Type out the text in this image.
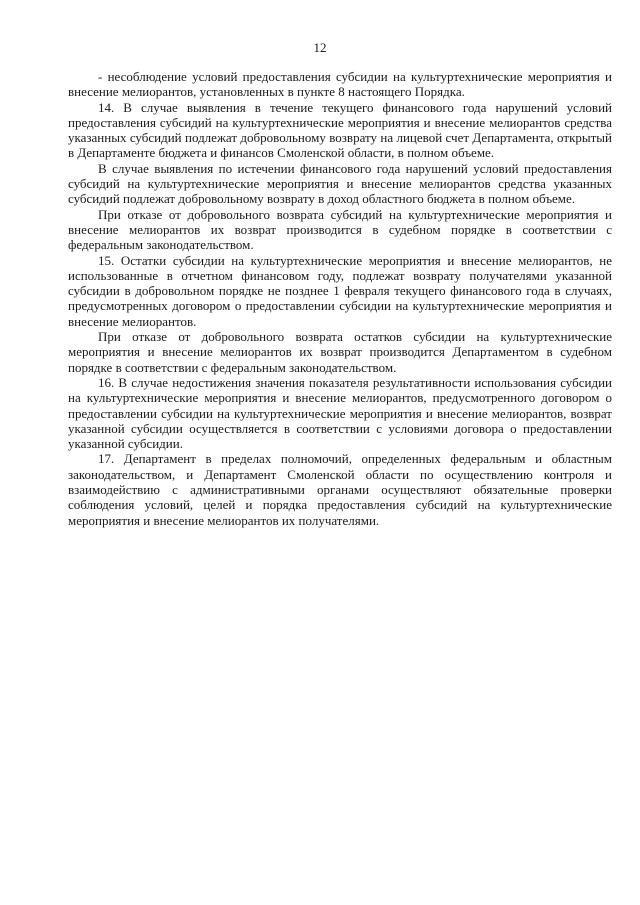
12

- несоблюдение условий предоставления субсидии на культуртехнические мероприятия и внесение мелиорантов, установленных в пункте 8 настоящего Порядка.

14. В случае выявления в течение текущего финансового года нарушений условий предоставления субсидий на культуртехнические мероприятия и внесение мелиорантов средства указанных субсидий подлежат добровольному возврату на лицевой счет Департамента, открытый в Департаменте бюджета и финансов Смоленской области, в полном объеме.

В случае выявления по истечении финансового года нарушений условий предоставления субсидий на культуртехнические мероприятия и внесение мелиорантов средства указанных субсидий подлежат добровольному возврату в доход областного бюджета в полном объеме.

При отказе от добровольного возврата субсидий на культуртехнические мероприятия и внесение мелиорантов их возврат производится в судебном порядке в соответствии с федеральным законодательством.

15. Остатки субсидии на культуртехнические мероприятия и внесение мелиорантов, не использованные в отчетном финансовом году, подлежат возврату получателями указанной субсидии в добровольном порядке не позднее 1 февраля текущего финансового года в случаях, предусмотренных договором о предоставлении субсидии на культуртехнические мероприятия и внесение мелиорантов.

При отказе от добровольного возврата остатков субсидии на культуртехнические мероприятия и внесение мелиорантов их возврат производится Департаментом в судебном порядке в соответствии с федеральным законодательством.

16. В случае недостижения значения показателя результативности использования субсидии на культуртехнические мероприятия и внесение мелиорантов, предусмотренного договором о предоставлении субсидии на культуртехнические мероприятия и внесение мелиорантов, возврат указанной субсидии осуществляется в соответствии с условиями договора о предоставлении указанной субсидии.

17. Департамент в пределах полномочий, определенных федеральным и областным законодательством, и Департамент Смоленской области по осуществлению контроля и взаимодействию с административными органами осуществляют обязательные проверки соблюдения условий, целей и порядка предоставления субсидий на культуртехнические мероприятия и внесение мелиорантов их получателями.
